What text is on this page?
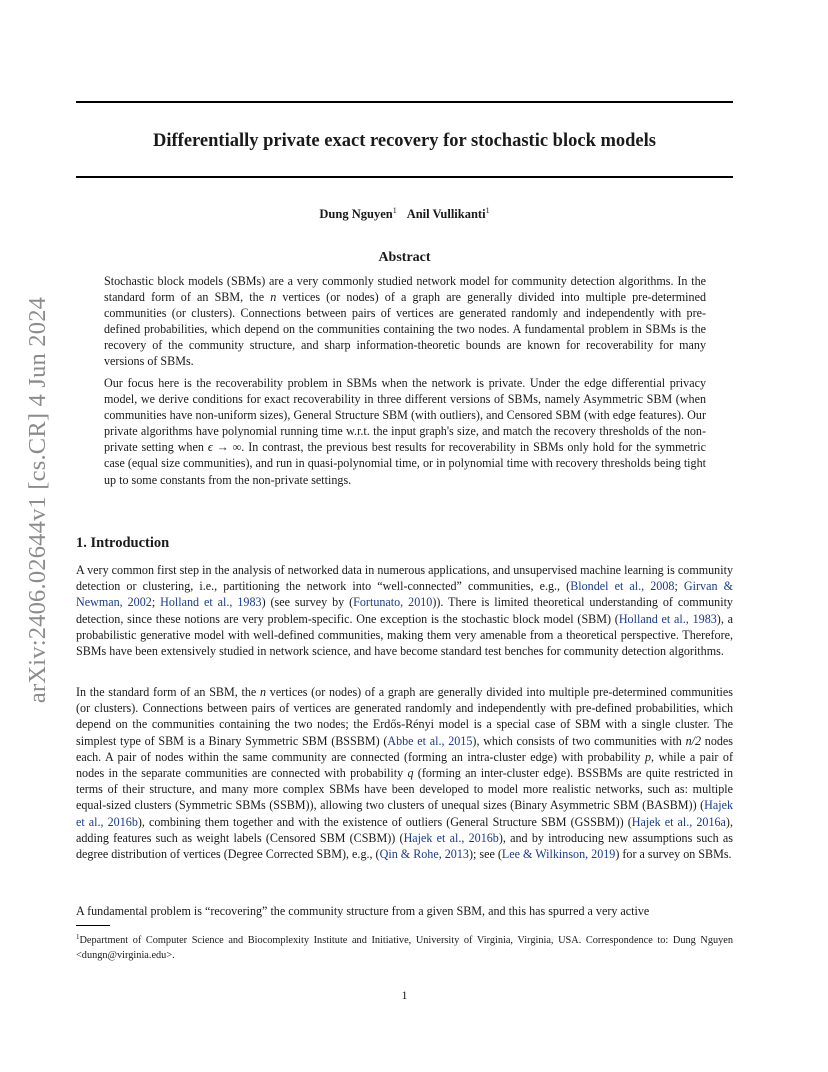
arXiv:2406.02644v1 [cs.CR] 4 Jun 2024
Differentially private exact recovery for stochastic block models
Dung Nguyen$^1$ Anil Vullikanti$^1$
Abstract

Stochastic block models (SBMs) are a very commonly studied network model for community detection algorithms. In the standard form of an SBM, the n vertices (or nodes) of a graph are generally divided into multiple pre-determined communities (or clusters). Connections between pairs of vertices are generated randomly and independently with pre-defined probabilities, which depend on the communities containing the two nodes. A fundamental problem in SBMs is the recovery of the community structure, and sharp information-theoretic bounds are known for recoverability for many versions of SBMs.

Our focus here is the recoverability problem in SBMs when the network is private. Under the edge differential privacy model, we derive conditions for exact recoverability in three different versions of SBMs, namely Asymmetric SBM (when communities have non-uniform sizes), General Structure SBM (with outliers), and Censored SBM (with edge features). Our private algorithms have polynomial running time w.r.t. the input graph's size, and match the recovery thresholds of the non-private setting when ϵ → ∞. In contrast, the previous best results for recoverability in SBMs only hold for the symmetric case (equal size communities), and run in quasi-polynomial time, or in polynomial time with recovery thresholds being tight up to some constants from the non-private settings.

1. Introduction

A very common first step in the analysis of networked data in numerous applications, and unsupervised machine learning is community detection or clustering, i.e., partitioning the network into “well-connected” communities, e.g., (Blondel et al., 2008; Girvan & Newman, 2002; Holland et al., 1983) (see survey by (Fortunato, 2010)). There is limited theoretical understanding of community detection, since these notions are very problem-specific. One exception is the stochastic block model (SBM) (Holland et al., 1983), a probabilistic generative model with well-defined communities, making them very amenable from a theoretical perspective. Therefore, SBMs have been extensively studied in network science, and have become standard test benches for community detection algorithms.

In the standard form of an SBM, the n vertices (or nodes) of a graph are generally divided into multiple pre-determined communities (or clusters). Connections between pairs of vertices are generated randomly and independently with pre-defined probabilities, which depend on the communities containing the two nodes; the Erdős-Rényi model is a special case of SBM with a single cluster. The simplest type of SBM is a Binary Symmetric SBM (BSSBM) (Abbe et al., 2015), which consists of two communities with n/2 nodes each. A pair of nodes within the same community are connected (forming an intra-cluster edge) with probability p, while a pair of nodes in the separate communities are connected with probability q (forming an inter-cluster edge). BSSBMs are quite restricted in terms of their structure, and many more complex SBMs have been developed to model more realistic networks, such as: multiple equal-sized clusters (Symmetric SBMs (SSBM)), allowing two clusters of unequal sizes (Binary Asymmetric SBM (BASBM)) (Hajek et al., 2016b), combining them together and with the existence of outliers (General Structure SBM (GSSBM)) (Hajek et al., 2016a), adding features such as weight labels (Censored SBM (CSBM)) (Hajek et al., 2016b), and by introducing new assumptions such as degree distribution of vertices (Degree Corrected SBM), e.g., (Qin & Rohe, 2013); see (Lee & Wilkinson, 2019) for a survey on SBMs.

A fundamental problem is “recovering” the community structure from a given SBM, and this has spurred a very active

$^1$Department of Computer Science and Biocomplexity Institute and Initiative, University of Virginia, Virginia, USA. Correspondence to: Dung Nguyen <dungn@virginia.edu>.

1
